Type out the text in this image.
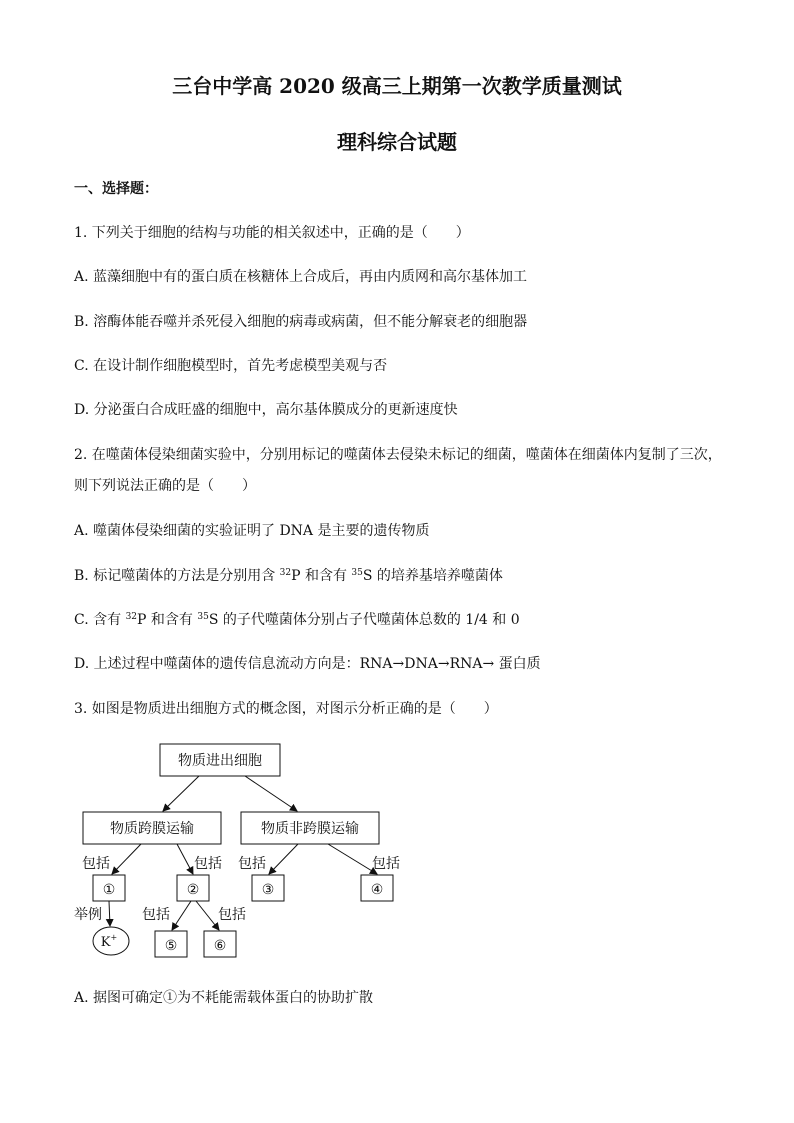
三台中学高 2020 级高三上期第一次教学质量测试
理科综合试题
一、选择题：
1. 下列关于细胞的结构与功能的相关叙述中，正确的是（　　）
A. 蓝藻细胞中有的蛋白质在核糖体上合成后，再由内质网和高尔基体加工
B. 溶酶体能吞噬并杀死侵入细胞的病毒或病菌，但不能分解衰老的细胞器
C. 在设计制作细胞模型时，首先考虑模型美观与否
D. 分泌蛋白合成旺盛的细胞中，高尔基体膜成分的更新速度快
2. 在噬菌体侵染细菌实验中，分别用标记的噬菌体去侵染未标记的细菌，噬菌体在细菌体内复制了三次，
则下列说法正确的是（　　）
A. 噬菌体侵染细菌的实验证明了 DNA 是主要的遗传物质
B. 标记噬菌体的方法是分别用含 $^{32}$P 和含有 $^{35}$S 的培养基培养噬菌体
C. 含有 $^{32}$P 和含有 $^{35}$S 的子代噬菌体分别占子代噬菌体总数的 1/4 和 0
D. 上述过程中噬菌体的遗传信息流动方向是：RNA→DNA→RNA→ 蛋白质
3. 如图是物质进出细胞方式的概念图，对图示分析正确的是（　　）
物质进出细胞
物质跨膜运输	物质非跨膜运输
①	②	③	④
⑤	⑥
包括	包括 包括	包括
包括	包括
举例
K+
A. 据图可确定①为不耗能需载体蛋白的协助扩散
